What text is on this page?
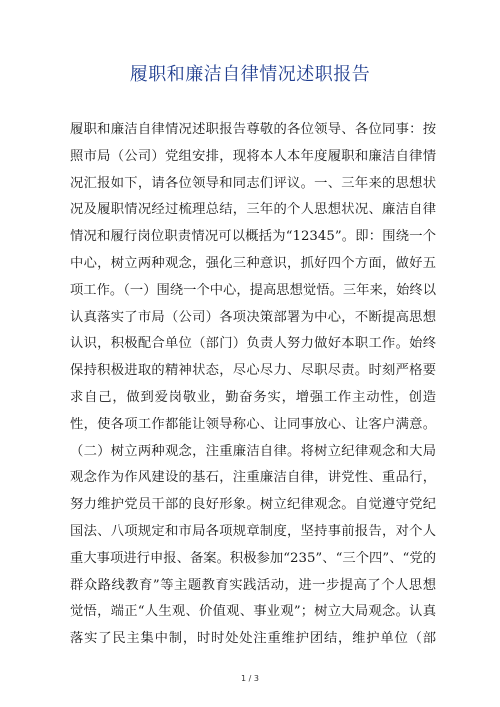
履职和廉洁自律情况述职报告
履职和廉洁自律情况述职报告尊敬的各位领导、各位同事：按
照市局（公司）党组安排，现将本人本年度履职和廉洁自律情
况汇报如下，请各位领导和同志们评议。一、三年来的思想状
况及履职情况经过梳理总结，三年的个人思想状况、廉洁自律
情况和履行岗位职责情况可以概括为“12345”。即：围绕一个
中心，树立两种观念，强化三种意识，抓好四个方面，做好五
项工作。（一）围绕一个中心，提高思想觉悟。三年来，始终以
认真落实了市局（公司）各项决策部署为中心，不断提高思想
认识，积极配合单位（部门）负责人努力做好本职工作。始终
保持积极进取的精神状态，尽心尽力、尽职尽责。时刻严格要
求自己，做到爱岗敬业，勤奋务实，增强工作主动性，创造
性，使各项工作都能让领导称心、让同事放心、让客户满意。
（二）树立两种观念，注重廉洁自律。将树立纪律观念和大局
观念作为作风建设的基石，注重廉洁自律，讲党性、重品行，
努力维护党员干部的良好形象。树立纪律观念。自觉遵守党纪
国法、八项规定和市局各项规章制度，坚持事前报告，对个人
重大事项进行申报、备案。积极参加“235”、“三个四”、“党的
群众路线教育”等主题教育实践活动，进一步提高了个人思想
觉悟，端正“人生观、价值观、事业观”；树立大局观念。认真
落实了民主集中制，时时处处注重维护团结，维护单位（部
1 / 3
